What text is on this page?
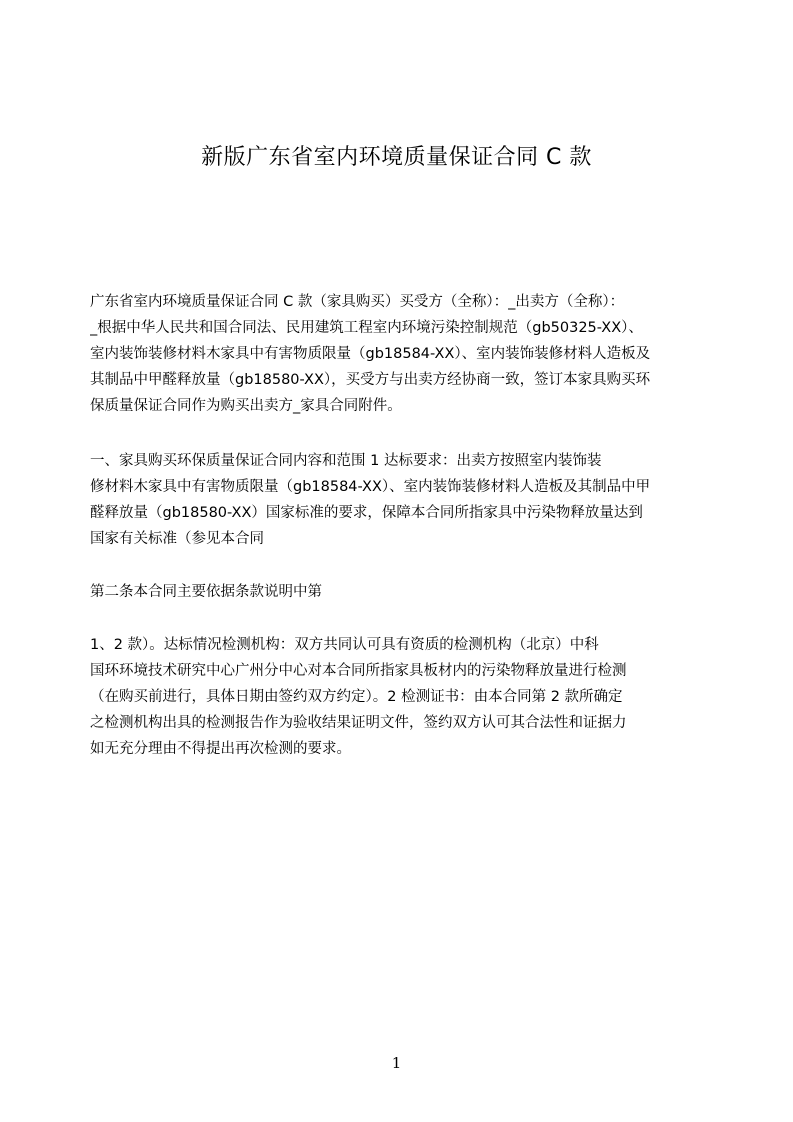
新版广东省室内环境质量保证合同 C 款
广东省室内环境质量保证合同 C 款（家具购买）买受方（全称）：_出卖方（全称）：
_根据中华人民共和国合同法、民用建筑工程室内环境污染控制规范（gb50325-XX）、
室内装饰装修材料木家具中有害物质限量（gb18584-XX）、室内装饰装修材料人造板及
其制品中甲醛释放量（gb18580-XX），买受方与出卖方经协商一致，签订本家具购买环
保质量保证合同作为购买出卖方_家具合同附件。
一、家具购买环保质量保证合同内容和范围 1 达标要求：出卖方按照室内装饰装
修材料木家具中有害物质限量（gb18584-XX）、室内装饰装修材料人造板及其制品中甲
醛释放量（gb18580-XX）国家标准的要求，保障本合同所指家具中污染物释放量达到
国家有关标准（参见本合同
第二条本合同主要依据条款说明中第
1、2 款）。达标情况检测机构：双方共同认可具有资质的检测机构（北京）中科
国环环境技术研究中心广州分中心对本合同所指家具板材内的污染物释放量进行检测
（在购买前进行，具体日期由签约双方约定）。2 检测证书：由本合同第 2 款所确定
之检测机构出具的检测报告作为验收结果证明文件，签约双方认可其合法性和证据力
如无充分理由不得提出再次检测的要求。
1
